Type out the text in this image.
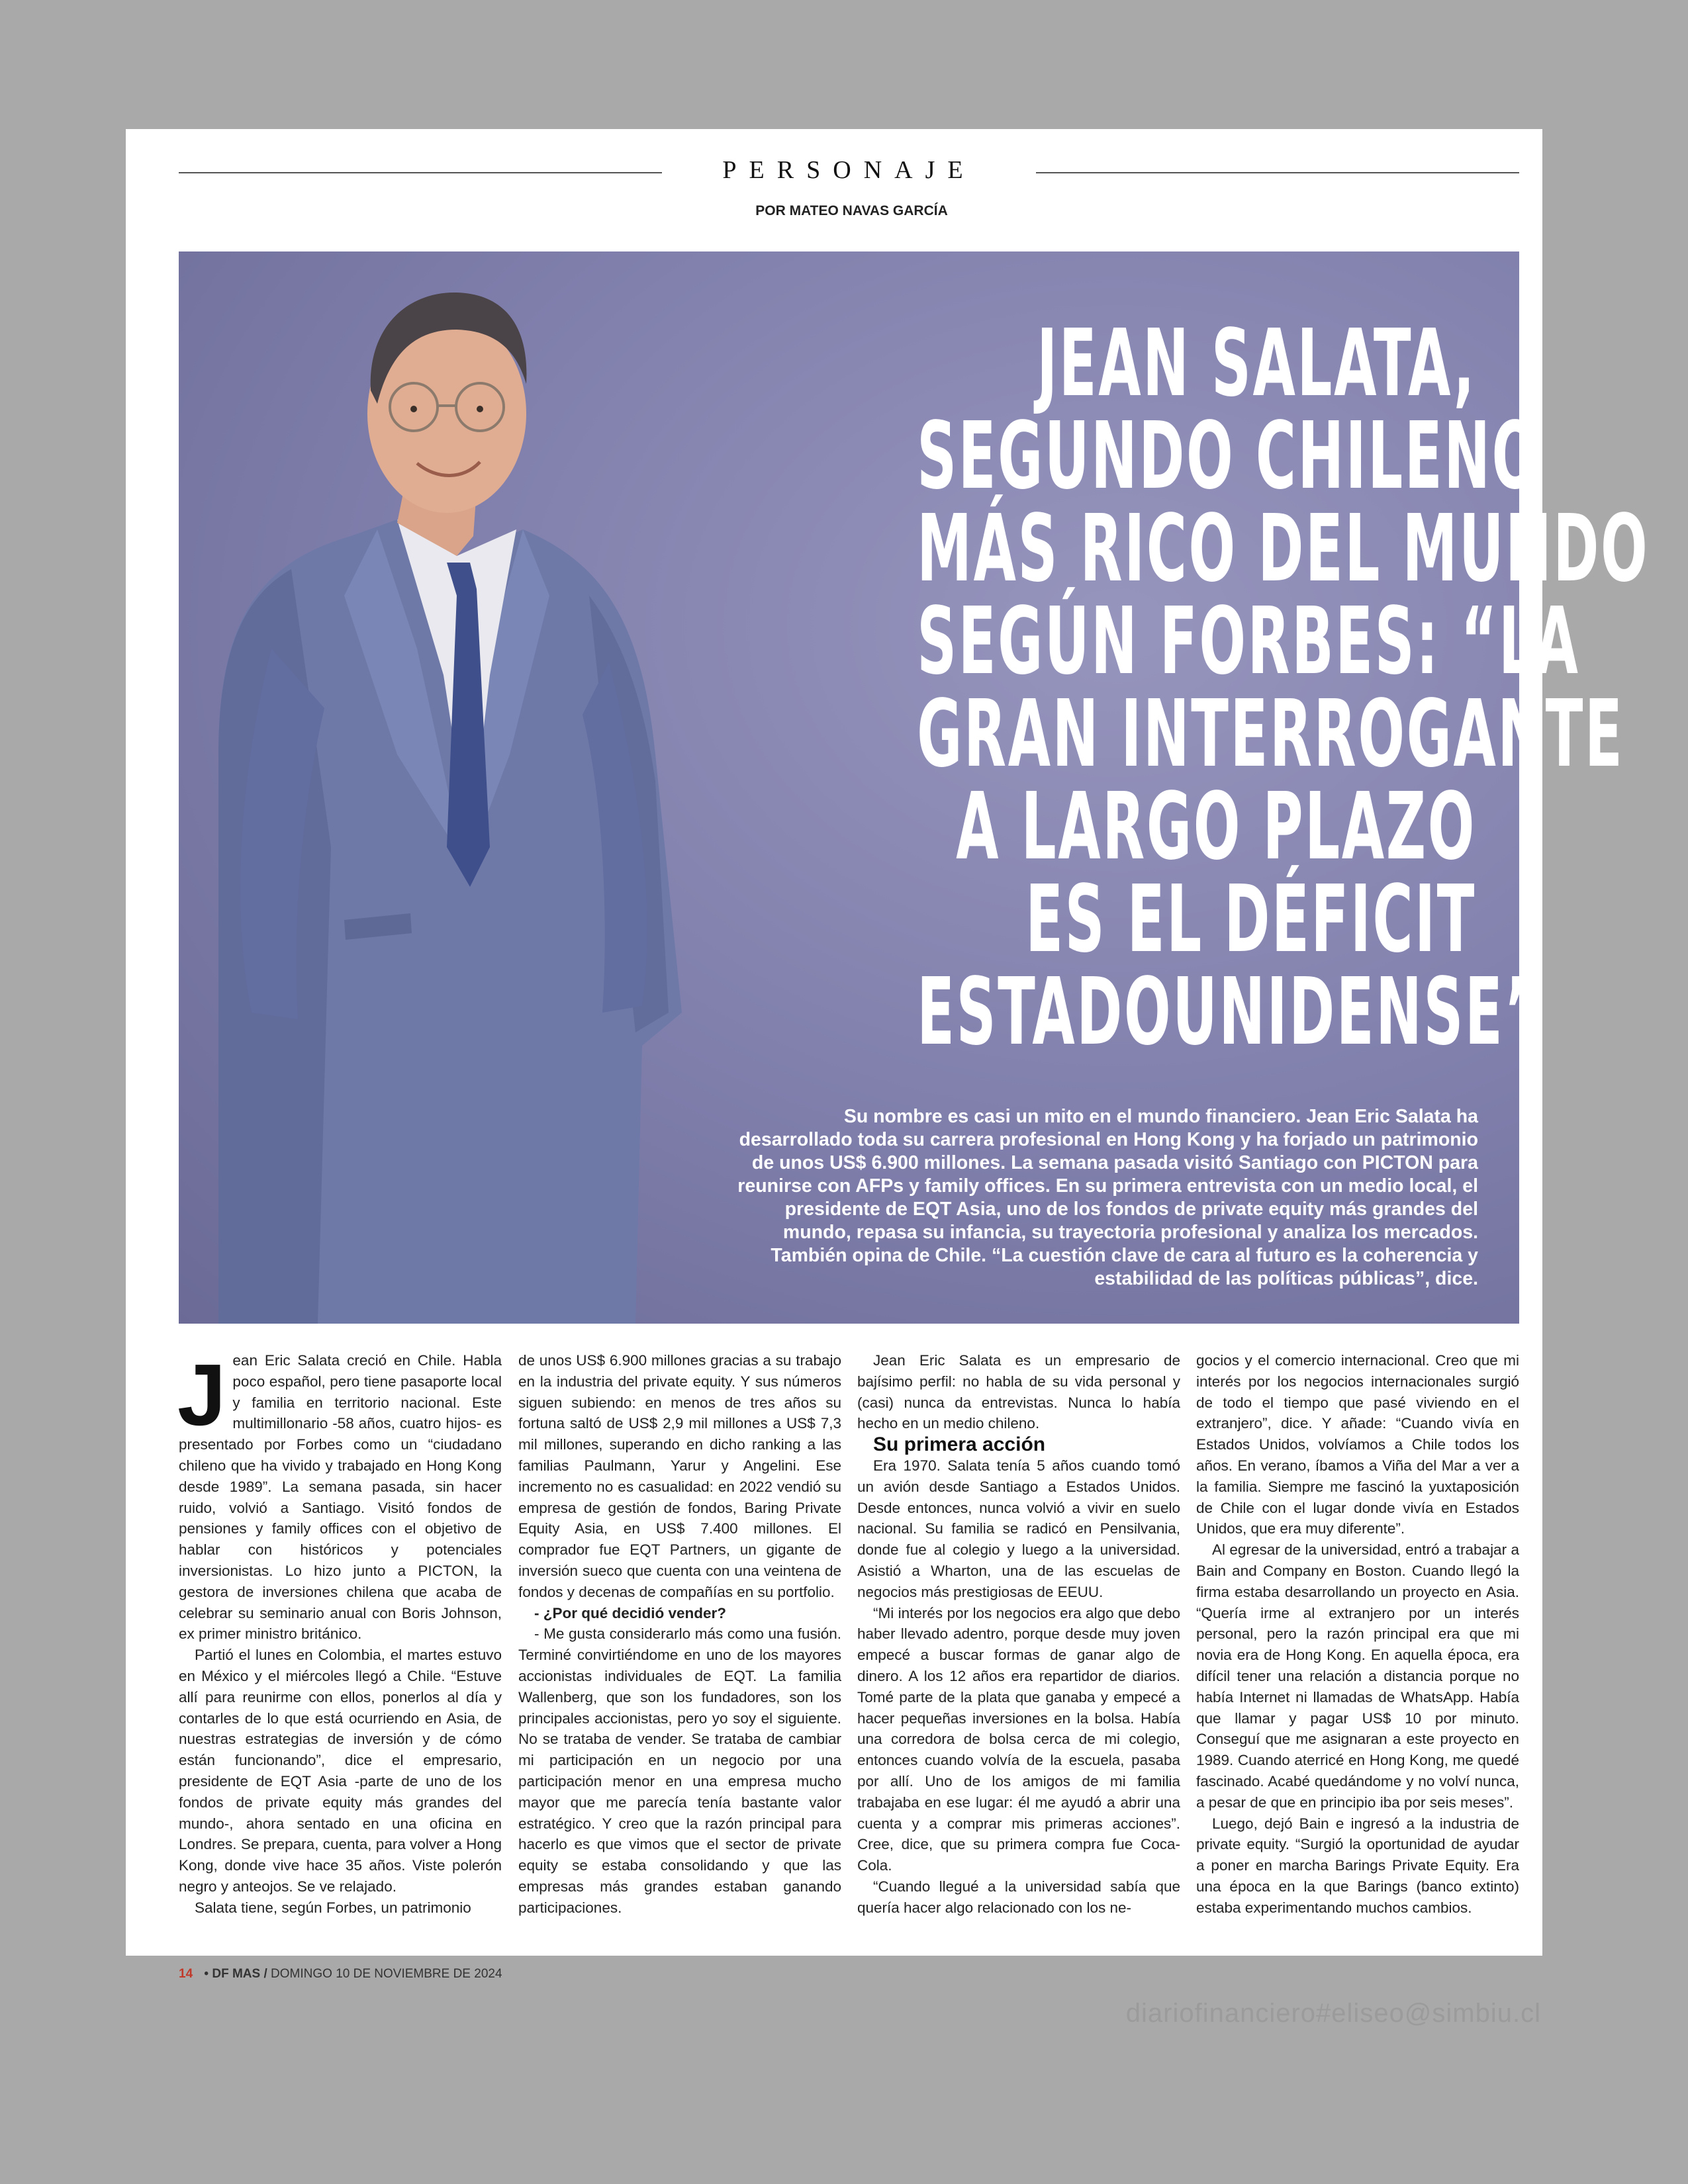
PERSONAJE
POR MATEO NAVAS GARCÍA
JEAN SALATA,
SEGUNDO CHILENO
MÁS RICO DEL MUNDO
SEGÚN FORBES: “LA
GRAN INTERROGANTE
A LARGO PLAZO
ES EL DÉFICIT
ESTADOUNIDENSE”

Su nombre es casi un mito en el mundo financiero. Jean Eric Salata ha desarrollado toda su carrera profesional en Hong Kong y ha forjado un patrimonio de unos US$ 6.900 millones. La semana pasada visitó Santiago con PICTON para reunirse con AFPs y family offices. En su primera entrevista con un medio local, el presidente de EQT Asia, uno de los fondos de private equity más grandes del mundo, repasa su infancia, su trayectoria profesional y analiza los mercados. También opina de Chile. “La cuestión clave de cara al futuro es la coherencia y estabilidad de las políticas públicas”, dice.

Jean Eric Salata creció en Chile. Habla poco español, pero tiene pasaporte local y familia en territorio nacional. Este multimillonario -58 años, cuatro hijos- es presentado por Forbes como un “ciudadano chileno que ha vivido y trabajado en Hong Kong desde 1989”. La semana pasada, sin hacer ruido, volvió a Santiago. Visitó fondos de pensiones y family offices con el objetivo de hablar con históricos y potenciales inversionistas. Lo hizo junto a PICTON, la gestora de inversiones chilena que acaba de celebrar su seminario anual con Boris Johnson, ex primer ministro británico.

Partió el lunes en Colombia, el martes estuvo en México y el miércoles llegó a Chile. “Estuve allí para reunirme con ellos, ponerlos al día y contarles de lo que está ocurriendo en Asia, de nuestras estrategias de inversión y de cómo están funcionando”, dice el empresario, presidente de EQT Asia -parte de uno de los fondos de private equity más grandes del mundo-, ahora sentado en una oficina en Londres. Se prepara, cuenta, para volver a Hong Kong, donde vive hace 35 años. Viste polerón negro y anteojos. Se ve relajado.

Salata tiene, según Forbes, un patrimonio

de unos US$ 6.900 millones gracias a su trabajo en la industria del private equity. Y sus números siguen subiendo: en menos de tres años su fortuna saltó de US$ 2,9 mil millones a US$ 7,3 mil millones, superando en dicho ranking a las familias Paulmann, Yarur y Angelini. Ese incremento no es casualidad: en 2022 vendió su empresa de gestión de fondos, Baring Private Equity Asia, en US$ 7.400 millones. El comprador fue EQT Partners, un gigante de inversión sueco que cuenta con una veintena de fondos y decenas de compañías en su portfolio.

- ¿Por qué decidió vender?

- Me gusta considerarlo más como una fusión. Terminé convirtiéndome en uno de los mayores accionistas individuales de EQT. La familia Wallenberg, que son los fundadores, son los principales accionistas, pero yo soy el siguiente. No se trataba de vender. Se trataba de cambiar mi participación en un negocio por una participación menor en una empresa mucho mayor que me parecía tenía bastante valor estratégico. Y creo que la razón principal para hacerlo es que vimos que el sector de private equity se estaba consolidando y que las empresas más grandes estaban ganando participaciones.

Jean Eric Salata es un empresario de bajísimo perfil: no habla de su vida personal y (casi) nunca da entrevistas. Nunca lo había hecho en un medio chileno.

Su primera acción

Era 1970. Salata tenía 5 años cuando tomó un avión desde Santiago a Estados Unidos. Desde entonces, nunca volvió a vivir en suelo nacional. Su familia se radicó en Pensilvania, donde fue al colegio y luego a la universidad. Asistió a Wharton, una de las escuelas de negocios más prestigiosas de EEUU.

“Mi interés por los negocios era algo que debo haber llevado adentro, porque desde muy joven empecé a buscar formas de ganar algo de dinero. A los 12 años era repartidor de diarios. Tomé parte de la plata que ganaba y empecé a hacer pequeñas inversiones en la bolsa. Había una corredora de bolsa cerca de mi colegio, entonces cuando volvía de la escuela, pasaba por allí. Uno de los amigos de mi familia trabajaba en ese lugar: él me ayudó a abrir una cuenta y a comprar mis primeras acciones”. Cree, dice, que su primera compra fue Coca-Cola.

“Cuando llegué a la universidad sabía que quería hacer algo relacionado con los ne-

gocios y el comercio internacional. Creo que mi interés por los negocios internacionales surgió de todo el tiempo que pasé viviendo en el extranjero”, dice. Y añade: “Cuando vivía en Estados Unidos, volvíamos a Chile todos los años. En verano, íbamos a Viña del Mar a ver a la familia. Siempre me fascinó la yuxtaposición de Chile con el lugar donde vivía en Estados Unidos, que era muy diferente”.

Al egresar de la universidad, entró a trabajar a Bain and Company en Boston. Cuando llegó la firma estaba desarrollando un proyecto en Asia. “Quería irme al extranjero por un interés personal, pero la razón principal era que mi novia era de Hong Kong. En aquella época, era difícil tener una relación a distancia porque no había Internet ni llamadas de WhatsApp. Había que llamar y pagar US$ 10 por minuto. Conseguí que me asignaran a este proyecto en 1989. Cuando aterricé en Hong Kong, me quedé fascinado. Acabé quedándome y no volví nunca, a pesar de que en principio iba por seis meses”.

Luego, dejó Bain e ingresó a la industria de private equity. “Surgió la oportunidad de ayudar a poner en marcha Barings Private Equity. Era una época en la que Barings (banco extinto) estaba experimentando muchos cambios.

14 • DF MAS / DOMINGO 10 DE NOVIEMBRE DE 2024
diariofinanciero#eliseo@simbiu.cl
